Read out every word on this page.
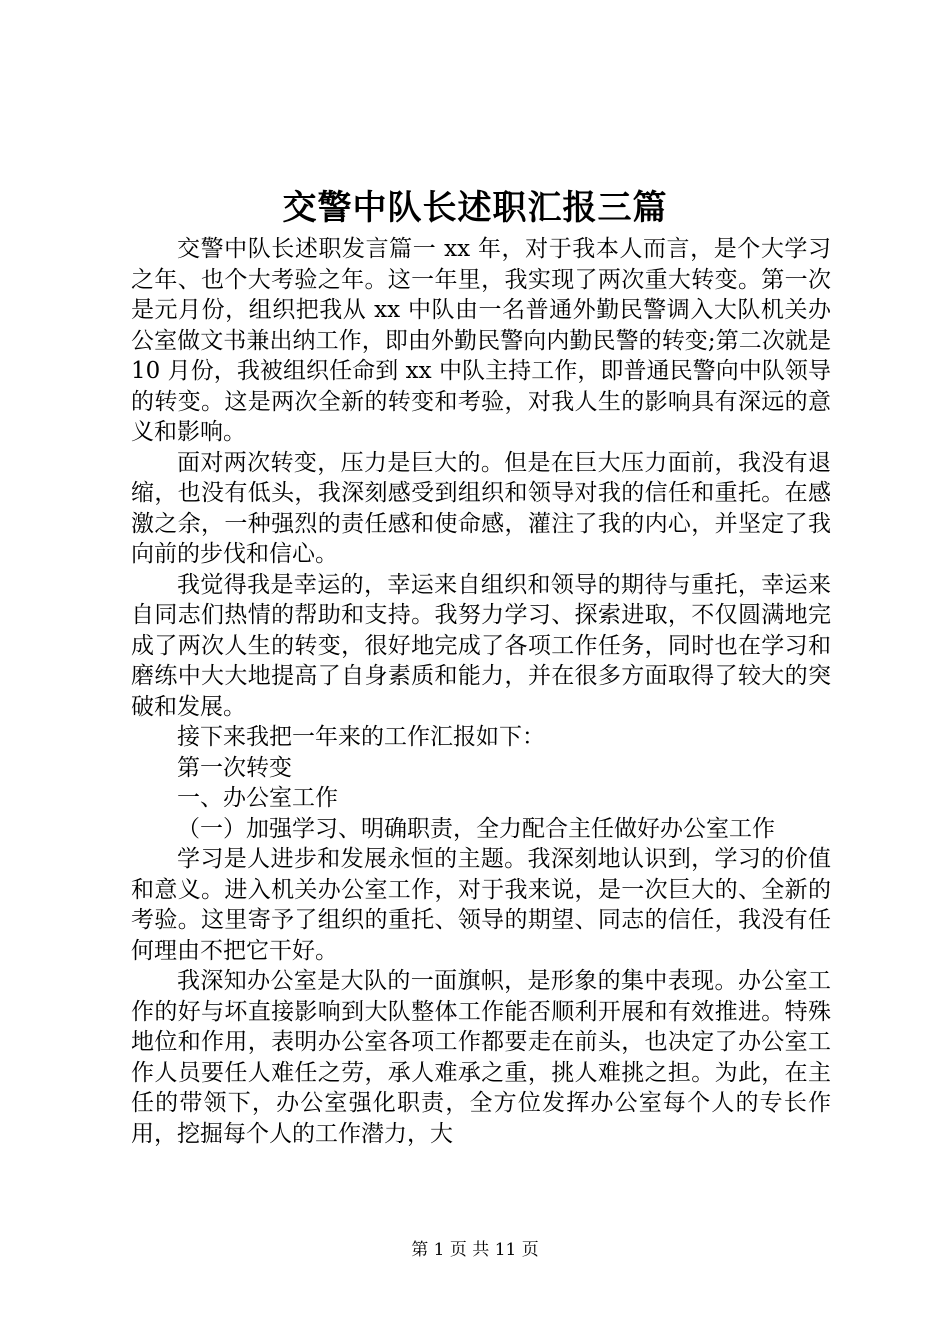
交警中队长述职汇报三篇

交警中队长述职发言篇一 xx 年，对于我本人而言，是个大学习之年、也个大考验之年。这一年里，我实现了两次重大转变。第一次是元月份，组织把我从 xx 中队由一名普通外勤民警调入大队机关办公室做文书兼出纳工作，即由外勤民警向内勤民警的转变;第二次就是 10 月份，我被组织任命到 xx 中队主持工作，即普通民警向中队领导的转变。这是两次全新的转变和考验，对我人生的影响具有深远的意义和影响。

面对两次转变，压力是巨大的。但是在巨大压力面前，我没有退缩，也没有低头，我深刻感受到组织和领导对我的信任和重托。在感激之余，一种强烈的责任感和使命感，灌注了我的内心，并坚定了我向前的步伐和信心。

我觉得我是幸运的，幸运来自组织和领导的期待与重托，幸运来自同志们热情的帮助和支持。我努力学习、探索进取，不仅圆满地完成了两次人生的转变，很好地完成了各项工作任务，同时也在学习和磨练中大大地提高了自身素质和能力，并在很多方面取得了较大的突破和发展。

接下来我把一年来的工作汇报如下：

第一次转变

一、办公室工作

（一）加强学习、明确职责，全力配合主任做好办公室工作

学习是人进步和发展永恒的主题。我深刻地认识到，学习的价值和意义。进入机关办公室工作，对于我来说，是一次巨大的、全新的考验。这里寄予了组织的重托、领导的期望、同志的信任，我没有任何理由不把它干好。

我深知办公室是大队的一面旗帜，是形象的集中表现。办公室工作的好与坏直接影响到大队整体工作能否顺利开展和有效推进。特殊地位和作用，表明办公室各项工作都要走在前头，也决定了办公室工作人员要任人难任之劳，承人难承之重，挑人难挑之担。为此，在主任的带领下，办公室强化职责，全方位发挥办公室每个人的专长作用，挖掘每个人的工作潜力，大

第 1 页 共 11 页
